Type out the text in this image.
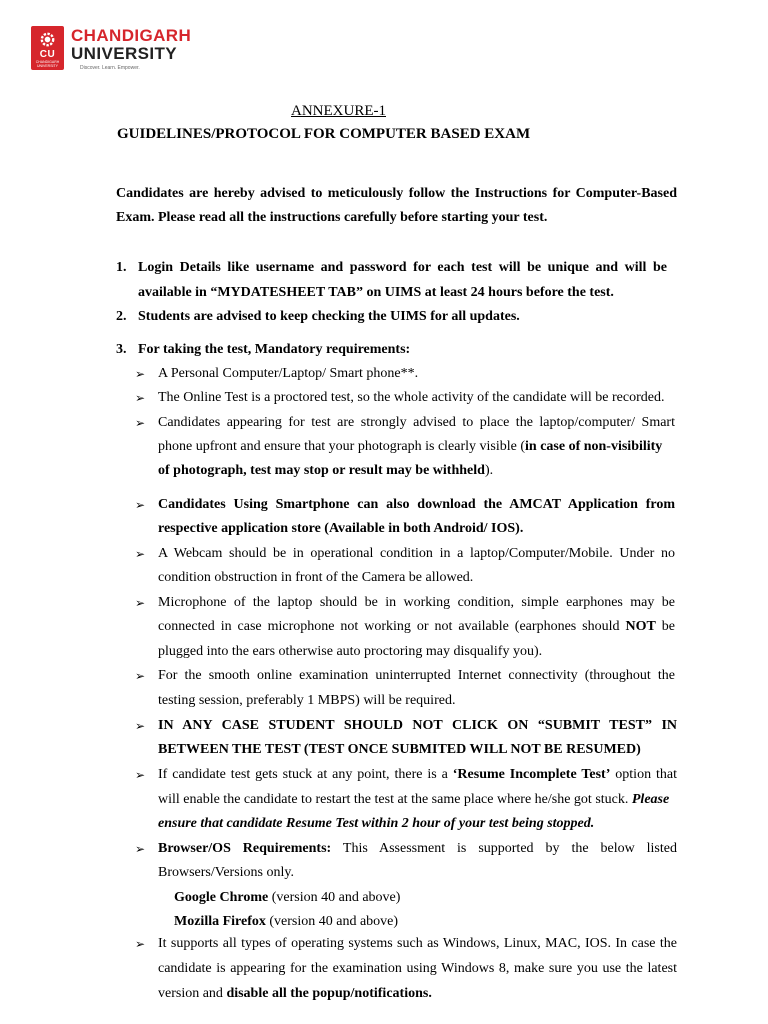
CU
CHANDIGARH UNIVERSITY
CHANDIGARH
UNIVERSITY
Discover. Learn. Empower.
ANNEXURE-1
GUIDELINES/PROTOCOL FOR COMPUTER BASED EXAM
Candidates are hereby advised to meticulously follow the Instructions for Computer-Based
Exam. Please read all the instructions carefully before starting your test.
1. Login Details like username and password for each test will be unique and will be
available in “MYDATESHEET TAB” on UIMS at least 24 hours before the test.
2. Students are advised to keep checking the UIMS for all updates.
3. For taking the test, Mandatory requirements:
➢ A Personal Computer/Laptop/ Smart phone**.
➢ The Online Test is a proctored test, so the whole activity of the candidate will be recorded.
➢ Candidates appearing for test are strongly advised to place the laptop/computer/ Smart
phone upfront and ensure that your photograph is clearly visible (in case of non-visibility
of photograph, test may stop or result may be withheld).
➢ Candidates Using Smartphone can also download the AMCAT Application from
respective application store (Available in both Android/ IOS).
➢ A Webcam should be in operational condition in a laptop/Computer/Mobile. Under no
condition obstruction in front of the Camera be allowed.
➢ Microphone of the laptop should be in working condition, simple earphones may be
connected in case microphone not working or not available (earphones should NOT be
plugged into the ears otherwise auto proctoring may disqualify you).
➢ For the smooth online examination uninterrupted Internet connectivity (throughout the
testing session, preferably 1 MBPS) will be required.
➢ IN ANY CASE STUDENT SHOULD NOT CLICK ON “SUBMIT TEST” IN
BETWEEN THE TEST (TEST ONCE SUBMITED WILL NOT BE RESUMED)
➢ If candidate test gets stuck at any point, there is a ‘Resume Incomplete Test’ option that
will enable the candidate to restart the test at the same place where he/she got stuck. Please
ensure that candidate Resume Test within 2 hour of your test being stopped.
➢ Browser/OS Requirements: This Assessment is supported by the below listed
Browsers/Versions only.
Google Chrome (version 40 and above)
Mozilla Firefox (version 40 and above)
➢ It supports all types of operating systems such as Windows, Linux, MAC, IOS. In case the
candidate is appearing for the examination using Windows 8, make sure you use the latest
version and disable all the popup/notifications.
